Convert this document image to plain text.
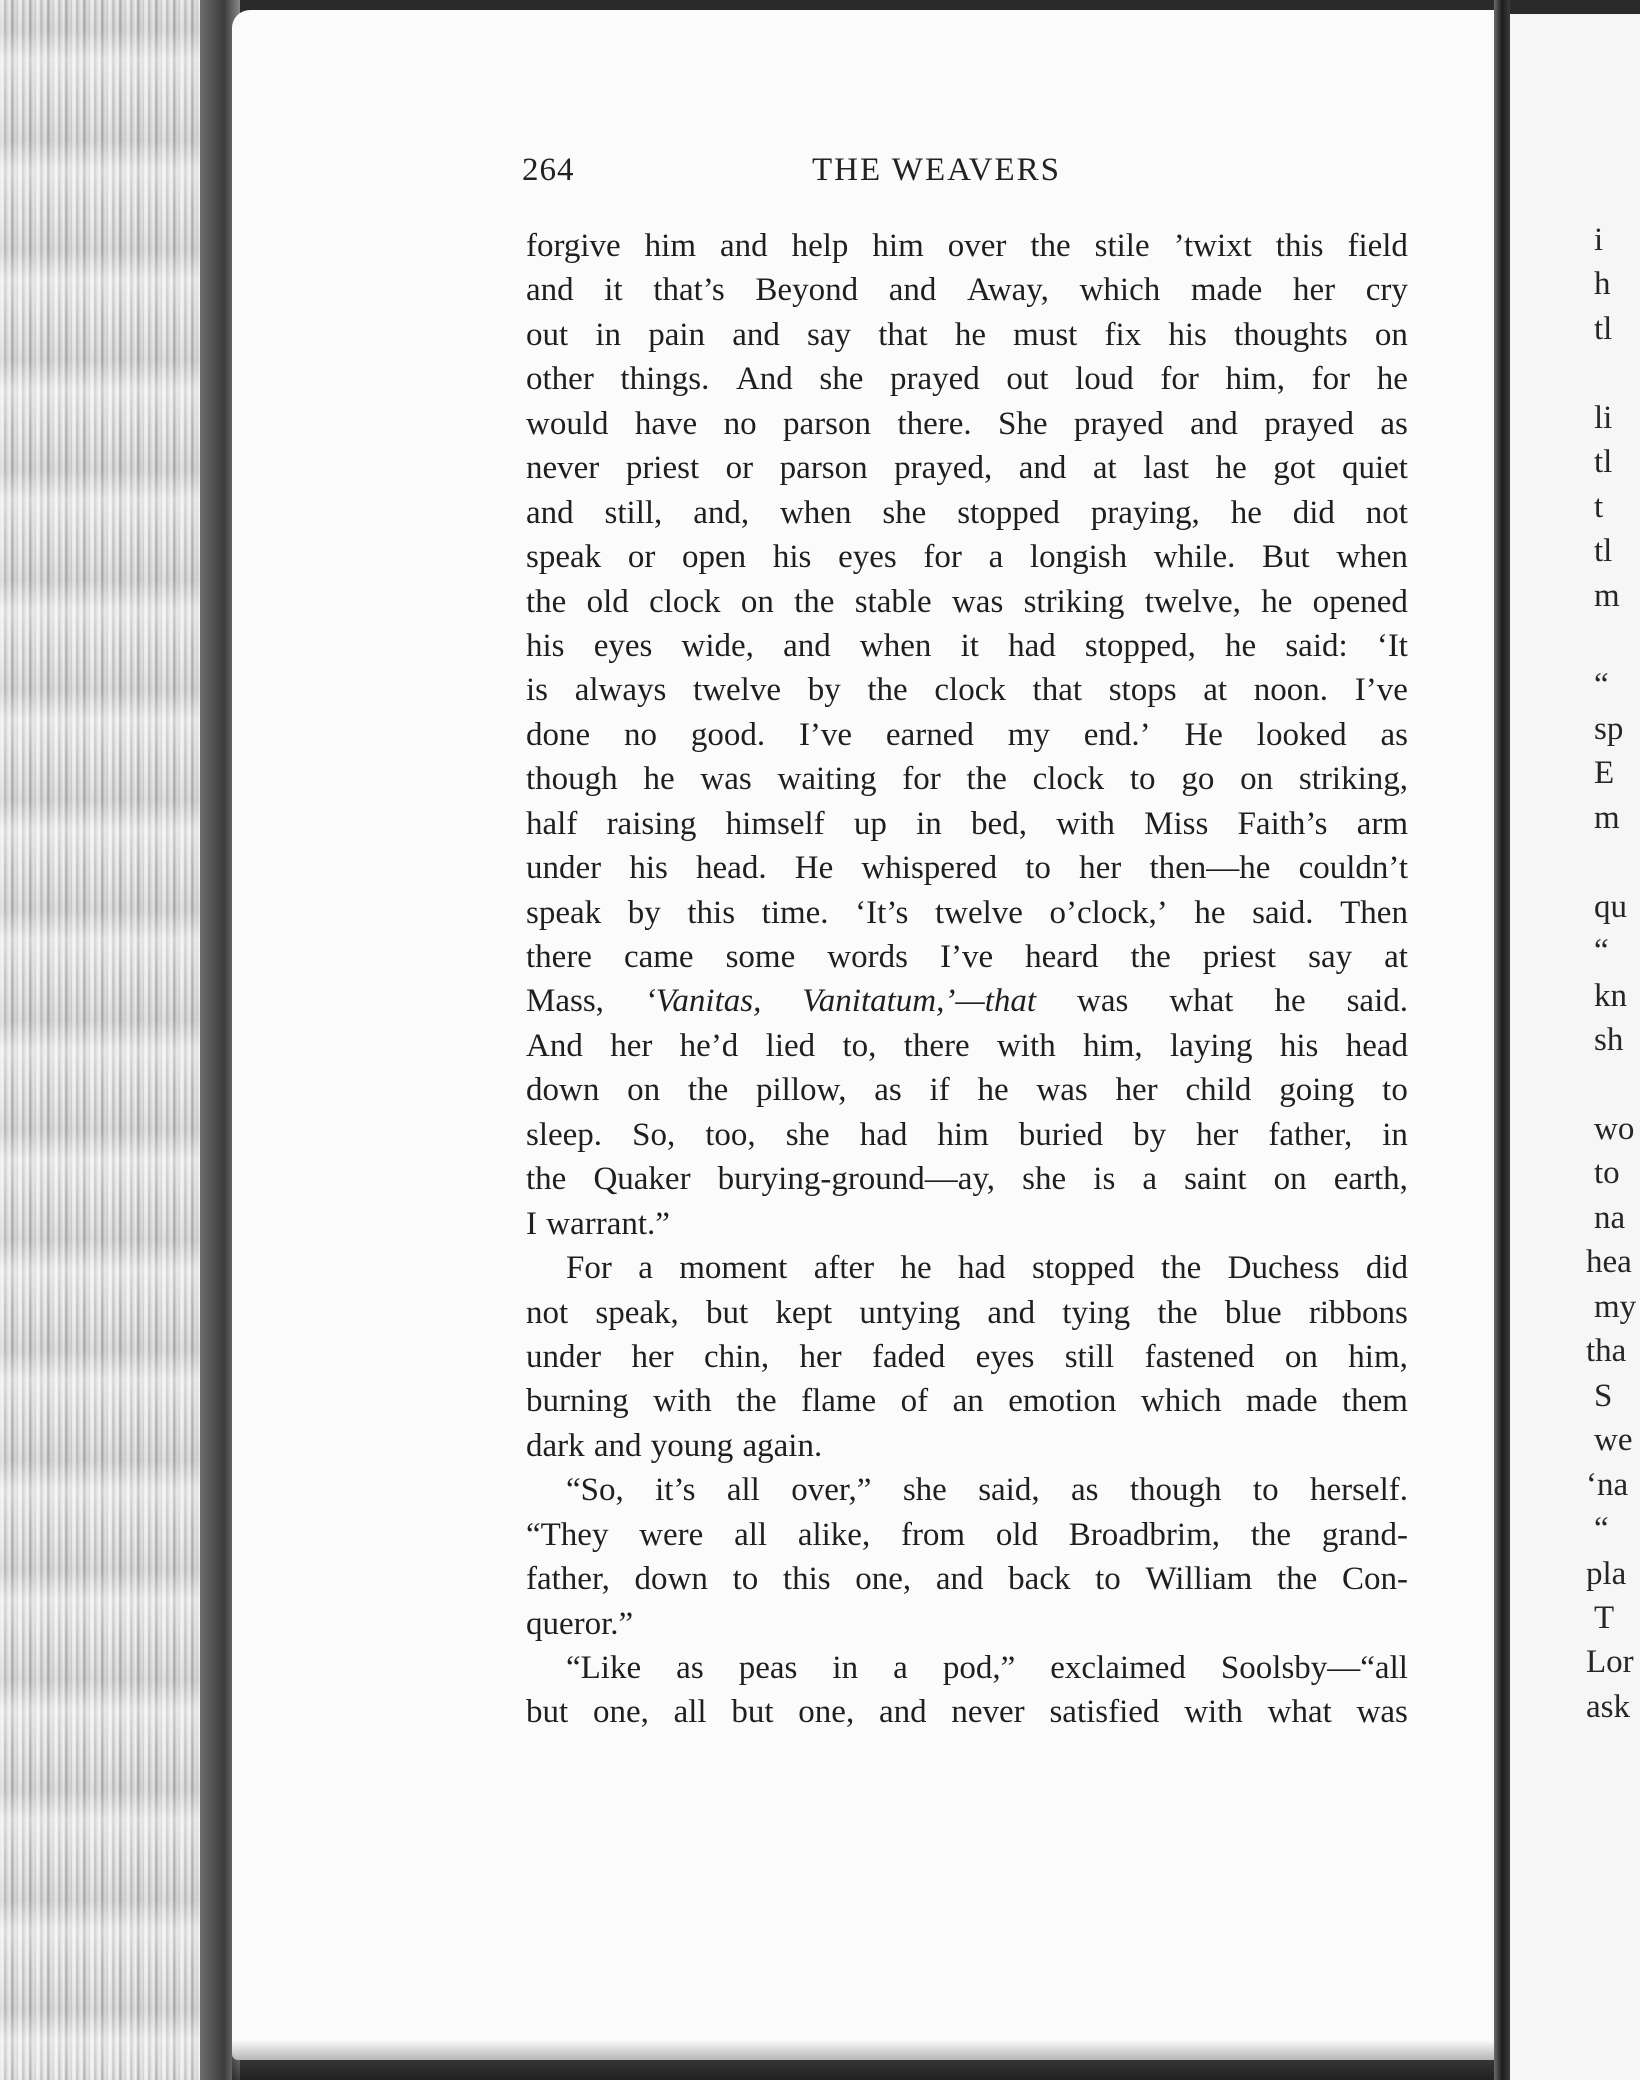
264	THE WEAVERS
forgive him and help him over the stile ’twixt this field
and it that’s Beyond and Away, which made her cry
out in pain and say that he must fix his thoughts on
other things. And she prayed out loud for him, for he
would have no parson there. She prayed and prayed as
never priest or parson prayed, and at last he got quiet
and still, and, when she stopped praying, he did not
speak or open his eyes for a longish while. But when
the old clock on the stable was striking twelve, he opened
his eyes wide, and when it had stopped, he said: ‘It
is always twelve by the clock that stops at noon. I’ve
done no good. I’ve earned my end.’ He looked as
though he was waiting for the clock to go on striking,
half raising himself up in bed, with Miss Faith’s arm
under his head. He whispered to her then—he couldn’t
speak by this time. ‘It’s twelve o’clock,’ he said. Then
there came some words I’ve heard the priest say at
Mass, ‘Vanitas, Vanitatum,’—that was what he said.
And her he’d lied to, there with him, laying his head
down on the pillow, as if he was her child going to
sleep. So, too, she had him buried by her father, in
the Quaker burying-ground—ay, she is a saint on earth,
I warrant.”
For a moment after he had stopped the Duchess did
not speak, but kept untying and tying the blue ribbons
under her chin, her faded eyes still fastened on him,
burning with the flame of an emotion which made them
dark and young again.
“So, it’s all over,” she said, as though to herself.
“They were all alike, from old Broadbrim, the grand-
father, down to this one, and back to William the Con-
queror.”
“Like as peas in a pod,” exclaimed Soolsby—“all
but one, all but one, and never satisfied with what was
i
h
tl
li
tl
t
tl
m
“
sp
E
m
qu
“
kn
sh
wo
to
na
hea
my
tha
S
we
‘na
“
pla
T
Lor
ask
